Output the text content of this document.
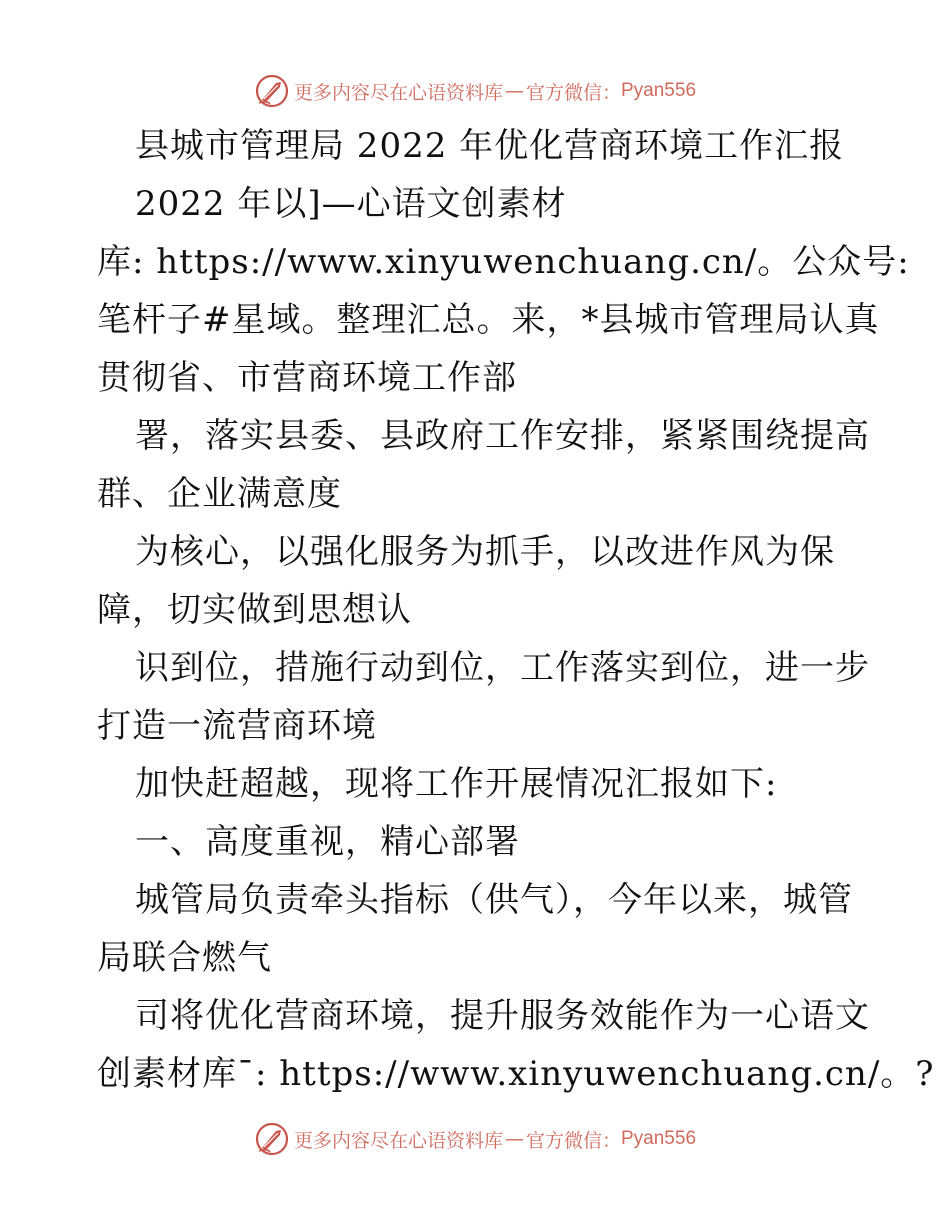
更多内容尽在心语资料库 — 官方微信： Pyan556
县城市管理局 2022 年优化营商环境工作汇报
2022 年以]—心语文创素材
库: https://www.xinyuwenchuang.cn/。公众号:
笔杆子#星域。整理汇总。来，*县城市管理局认真
贯彻省、市营商环境工作部
署，落实县委、县政府工作安排，紧紧围绕提高
群、企业满意度
为核心，以强化服务为抓手，以改进作风为保
障，切实做到思想认
识到位，措施行动到位，工作落实到位，进一步
打造一流营商环境
加快赶超越，现将工作开展情况汇报如下:
一、高度重视，精心部署
城管局负责牵头指标（供气），今年以来，城管
局联合燃气
司将优化营商环境，提升服务效能作为一心语文
创素材库¯: https://www.xinyuwenchuang.cn/。?
更多内容尽在心语资料库 — 官方微信： Pyan556
